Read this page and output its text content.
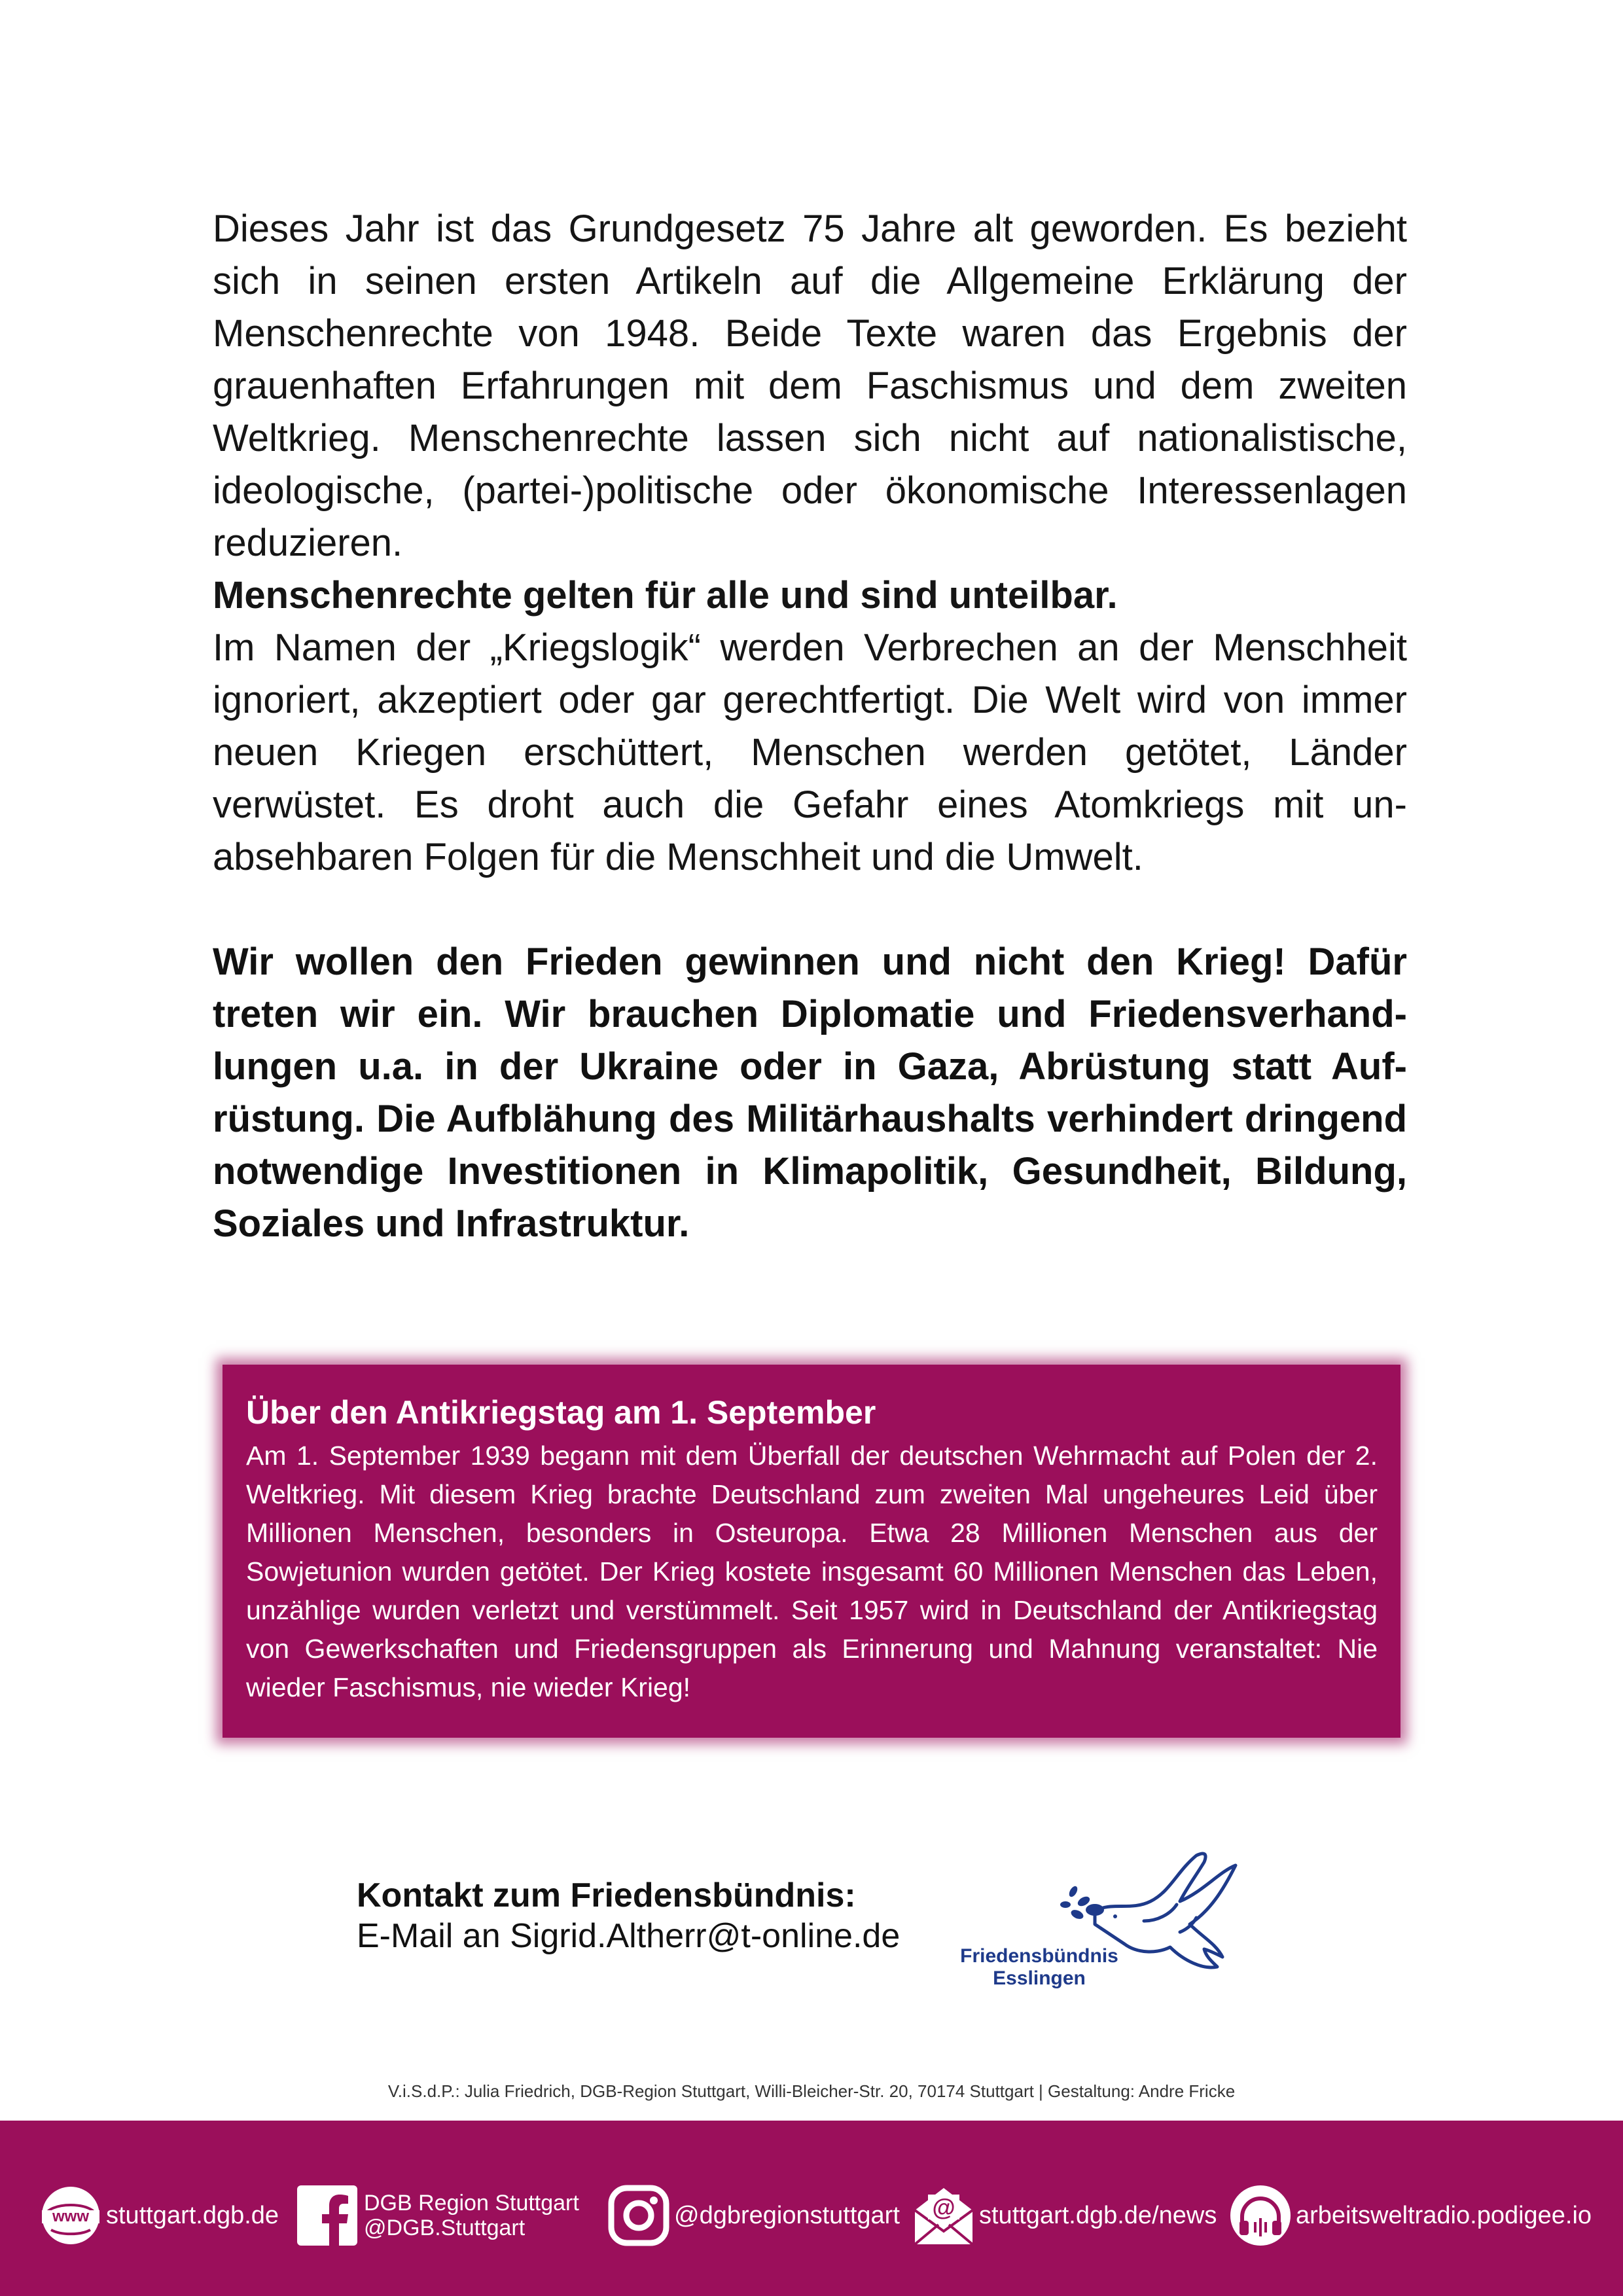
Dieses Jahr ist das Grundgesetz 75 Jahre alt geworden. Es bezieht sich in seinen ersten Artikeln auf die Allgemeine Erklärung der Menschenrechte von 1948. Beide Texte waren das Ergebnis der grauenhaften Erfahrungen mit dem Faschismus und dem zweiten Weltkrieg. Menschenrechte lassen sich nicht auf nationalistische, ideologische, (partei-)politische oder ökonomische Interessenlagen reduzieren.

Menschenrechte gelten für alle und sind unteilbar.

Im Namen der „Kriegslogik“ werden Verbrechen an der Menschheit ignoriert, akzeptiert oder gar gerechtfertigt. Die Welt wird von immer neuen Kriegen erschüttert, Menschen werden getötet, Länder verwüstet. Es droht auch die Gefahr eines Atomkriegs mit unabsehbaren Folgen für die Menschheit und die Umwelt.

Wir wollen den Frieden gewinnen und nicht den Krieg! Dafür treten wir ein. Wir brauchen Diplomatie und Friedensverhandlungen u.a. in der Ukraine oder in Gaza, Abrüstung statt Aufrüstung. Die Aufblähung des Militärhaushalts verhindert dringend notwendige Investitionen in Klimapolitik, Gesundheit, Bildung, Soziales und Infrastruktur.
Über den Antikriegstag am 1. September

Am 1. September 1939 begann mit dem Überfall der deutschen Wehrmacht auf Polen der 2. Weltkrieg. Mit diesem Krieg brachte Deutschland zum zweiten Mal ungeheures Leid über Millionen Menschen, besonders in Osteuropa. Etwa 28 Millionen Menschen aus der Sowjetunion wurden getötet. Der Krieg kostete insgesamt 60 Millionen Menschen das Leben, unzählige wurden verletzt und verstümmelt. Seit 1957 wird in Deutschland der Antikriegstag von Gewerkschaften und Friedensgruppen als Erinnerung und Mahnung veranstaltet: Nie wieder Faschismus, nie wieder Krieg!

Kontakt zum Friedensbündnis:
E-Mail an Sigrid.Altherr@t-online.de
Friedensbündnis
Esslingen
V.i.S.d.P.: Julia Friedrich, DGB-Region Stuttgart, Willi-Bleicher-Str. 20, 70174 Stuttgart | Gestaltung: Andre Fricke
www stuttgart.dgb.de	DGB Region Stuttgart
@DGB.Stuttgart	@dgbregionstuttgart @ stuttgart.dgb.de/news	arbeitsweltradio.podigee.io
